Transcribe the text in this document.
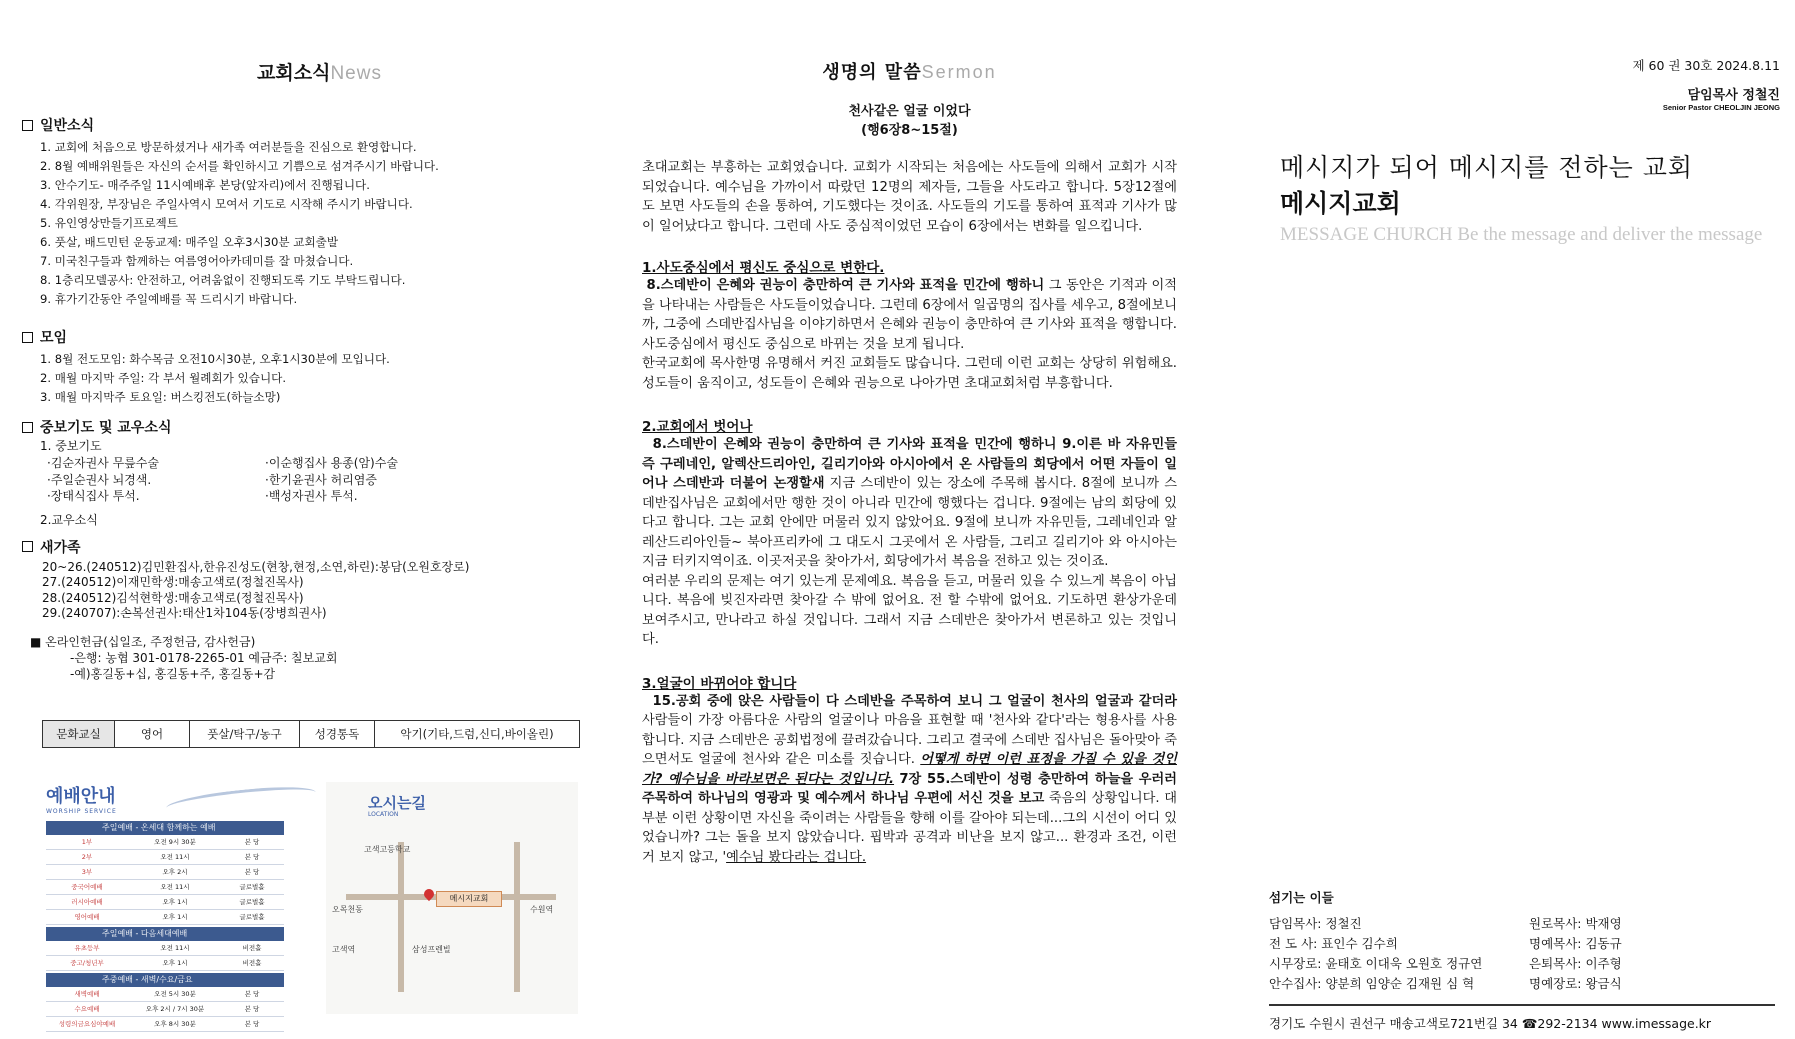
교회소식News
일반소식
1. 교회에 처음으로 방문하셨거나 새가족 여러분들을 진심으로 환영합니다.
2. 8월 예배위원들은 자신의 순서를 확인하시고 기쁨으로 섬겨주시기 바랍니다.
3. 안수기도- 매주주일 11시예배후 본당(앞자리)에서 진행됩니다.
4. 각위원장, 부장님은 주일사역시 모여서 기도로 시작해 주시기 바랍니다.
5. 유인영상만들기프로젝트
6. 풋살, 배드민턴 운동교제: 매주일 오후3시30분 교회출발
7. 미국친구들과 함께하는 여름영어아카데미를 잘 마쳤습니다.
8. 1층리모델공사: 안전하고, 어려움없이 진행되도록 기도 부탁드립니다.
9. 휴가기간동안 주일예배를 꼭 드리시기 바랍니다.
모임
1. 8월 전도모임: 화수목금 오전10시30분, 오후1시30분에 모입니다.
2. 매월 마지막 주일: 각 부서 월례회가 있습니다.
3. 매월 마지막주 토요일: 버스킹전도(하늘소망)
중보기도 및 교우소식
1. 중보기도
·김순자권사 무릎수술	·이순행집사 용종(암)수술
·주일순권사 뇌경색.	·한기윤권사 허리염증
·장태식집사 투석.	·백성자권사 투석.
2.교우소식
새가족
20~26.(240512)김민환집사,한유진성도(현창,현정,소연,하린):봉담(오원호장로)
27.(240512)이재민학생:매송고색로(정철진목사)
28.(240512)김석현학생:매송고색로(정철진목사)
29.(240707):손복선권사:태산1차104동(장병희권사)
■ 온라인헌금(십일조, 주정헌금, 감사헌금)
-은행: 농협 301-0178-2265-01 예금주: 칠보교회
-예)홍길동+십, 홍길동+주, 홍길동+감
문화교실	영어	풋살/탁구/농구	성경통독	악기(기타,드럼,신디,바이올린)
예배안내
WORSHIP SERVICE
주일예배 - 온세대 함께하는 예배
1부	오전 9시 30분	본 당
2부	오전 11시	본 당
3부	오후 2시	본 당
중국어예배	오전 11시	글로벌홀
러시아예배	오후 1시	글로벌홀
영어예배	오후 1시	글로벌홀
주일예배 - 다음세대예배
유초등부	오전 11시	비전홀
중고/청년부	오후 1시	비전홀
주중예배 - 새벽/수요/금요
새벽예배	오전 5시 30분	본 당
수요예배	오후 2시 / 7시 30분	본 당
성령의금요심야예배	오후 8시 30분	본 당
오시는길
LOCATION
고색고등학교
메시지교회
오목천동	수원역
고색역	삼성프렌빌
생명의 말씀Sermon
천사같은 얼굴 이었다
(행6장8~15절)

초대교회는 부흥하는 교회였습니다. 교회가 시작되는 처음에는 사도들에 의해서 교회가 시작되었습니다. 예수님을 가까이서 따랐던 12명의 제자들, 그들을 사도라고 합니다. 5장12절에도 보면 사도들의 손을 통하여, 기도했다는 것이죠. 사도들의 기도를 통하여 표적과 기사가 많이 일어났다고 합니다. 그런데 사도 중심적이었던 모습이 6장에서는 변화를 일으킵니다.

1.사도중심에서 평신도 중심으로 변한다.

8.스데반이 은혜와 권능이 충만하여 큰 기사와 표적을 민간에 행하니 그 동안은 기적과 이적을 나타내는 사람들은 사도들이었습니다. 그런데 6장에서 일곱명의 집사를 세우고, 8절에보니까, 그중에 스데반집사님을 이야기하면서 은혜와 권능이 충만하여 큰 기사와 표적을 행합니다. 사도중심에서 평신도 중심으로 바뀌는 것을 보게 됩니다.

한국교회에 목사한명 유명해서 커진 교회들도 많습니다. 그런데 이런 교회는 상당히 위험해요. 성도들이 움직이고, 성도들이 은혜와 권능으로 나아가면 초대교회처럼 부흥합니다.

2.교회에서 벗어나

8.스데반이 은혜와 권능이 충만하여 큰 기사와 표적을 민간에 행하니 9.이른 바 자유민들 즉 구레네인, 알렉산드리아인, 길리기아와 아시아에서 온 사람들의 회당에서 어떤 자들이 일어나 스데반과 더불어 논쟁할새 지금 스데반이 있는 장소에 주목해 봅시다. 8절에 보니까 스데반집사님은 교회에서만 행한 것이 아니라 민간에 행했다는 겁니다. 9절에는 남의 회당에 있다고 합니다. 그는 교회 안에만 머물러 있지 않았어요. 9절에 보니까 자유민들, 그레네인과 알레산드리아인들~ 북아프리카에 그 대도시 그곳에서 온 사람들, 그리고 길리기아 와 아시아는 지금 터키지역이죠. 이곳저곳을 찾아가서, 회당에가서 복음을 전하고 있는 것이죠.

여러분 우리의 문제는 여기 있는게 문제예요. 복음을 듣고, 머물러 있을 수 있느게 복음이 아닙니다. 복음에 빚진자라면 찾아갈 수 밖에 없어요. 전 할 수밖에 없어요. 기도하면 환상가운데 보여주시고, 만나라고 하실 것입니다. 그래서 지금 스데반은 찾아가서 변론하고 있는 것입니다.

3.얼굴이 바뀌어야 합니다

15.공회 중에 앉은 사람들이 다 스데반을 주목하여 보니 그 얼굴이 천사의 얼굴과 같더라 사람들이 가장 아름다운 사람의 얼굴이나 마음을 표현할 때 '천사와 같다'라는 형용사를 사용합니다. 지금 스데반은 공회법정에 끌려갔습니다. 그리고 결국에 스데반 집사님은 돌아맞아 죽으면서도 얼굴에 천사와 같은 미소를 짓습니다. 어떻게 하면 이런 표정을 가질 수 있을 것인가? 예수님을 바라보면은 된다는 것입니다. 7장 55.스데반이 성령 충만하여 하늘을 우러러 주목하여 하나님의 영광과 및 예수께서 하나님 우편에 서신 것을 보고 죽음의 상황입니다. 대부분 이런 상황이면 자신을 죽이려는 사람들을 향해 이를 갈아야 되는데...그의 시선이 어디 있었습니까? 그는 돌을 보지 않았습니다. 핍박과 공격과 비난을 보지 않고... 환경과 조건, 이런거 보지 않고, '예수님 봤다라는 겁니다.

제 60 권 30호 2024.8.11
담임목사 정철진
Senior Pastor CHEOLJIN JEONG
메시지가 되어 메시지를 전하는 교회
메시지교회
MESSAGE CHURCH Be the message and deliver the message
섬기는 이들
담임목사: 정철진	원로목사: 박재영
전 도 사: 표인수 김수희	명예목사: 김동규
시무장로: 윤태호 이대욱 오원호 정규연	은퇴목사: 이주형
안수집사: 양분희 임양순 김재원 심 혁	명예장로: 왕금식
경기도 수원시 권선구 매송고색로721번길 34 ☎292-2134 www.imessage.kr
